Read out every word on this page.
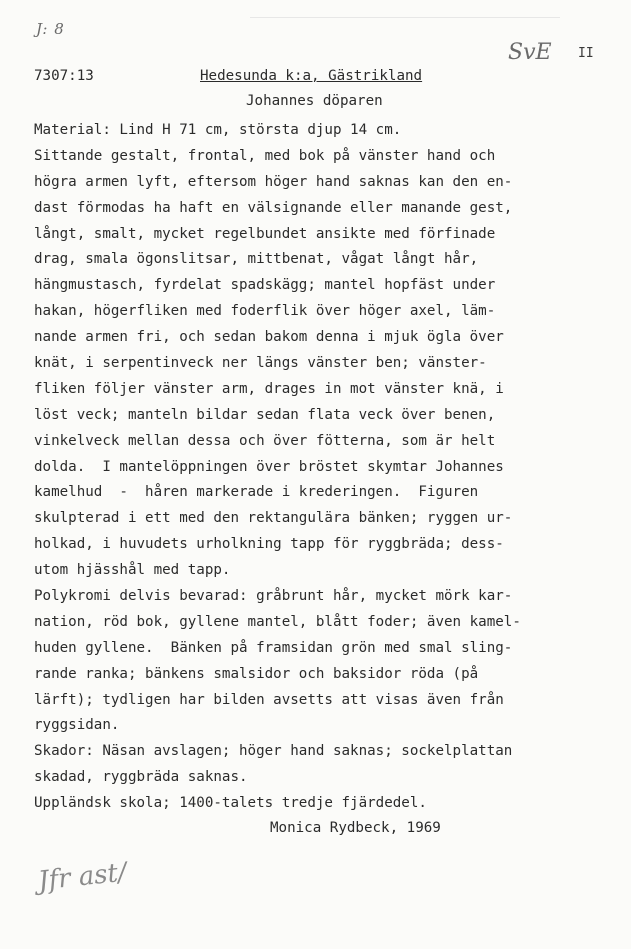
J: 8
SvE II
7307:13	Hedesunda k:a, Gästrikland
Johannes döparen
Material: Lind H 71 cm, största djup 14 cm.
Sittande gestalt, frontal, med bok på vänster hand och
högra armen lyft, eftersom höger hand saknas kan den en-
dast förmodas ha haft en välsignande eller manande gest,
långt, smalt, mycket regelbundet ansikte med förfinade
drag, smala ögonslitsar, mittbenat, vågat långt hår,
hängmustasch, fyrdelat spadskägg; mantel hopfäst under
hakan, högerfliken med foderflik över höger axel, läm-
nande armen fri, och sedan bakom denna i mjuk ögla över
knät, i serpentinveck ner längs vänster ben; vänster-
fliken följer vänster arm, drages in mot vänster knä, i
löst veck; manteln bildar sedan flata veck över benen,
vinkelveck mellan dessa och över fötterna, som är helt
dolda.  I mantelöppningen över bröstet skymtar Johannes
kamelhud  -  håren markerade i krederingen.  Figuren
skulpterad i ett med den rektangulära bänken; ryggen ur-
holkad, i huvudets urholkning tapp för ryggbräda; dess-
utom hjässhål med tapp.
Polykromi delvis bevarad: gråbrunt hår, mycket mörk kar-
nation, röd bok, gyllene mantel, blått foder; även kamel-
huden gyllene.  Bänken på framsidan grön med smal sling-
rande ranka; bänkens smalsidor och baksidor röda (på
lärft); tydligen har bilden avsetts att visas även från
ryggsidan.
Skador: Näsan avslagen; höger hand saknas; sockelplattan
skadad, ryggbräda saknas.
Uppländsk skola; 1400-talets tredje fjärdedel.
Monica Rydbeck, 1969
Jfr ast/
